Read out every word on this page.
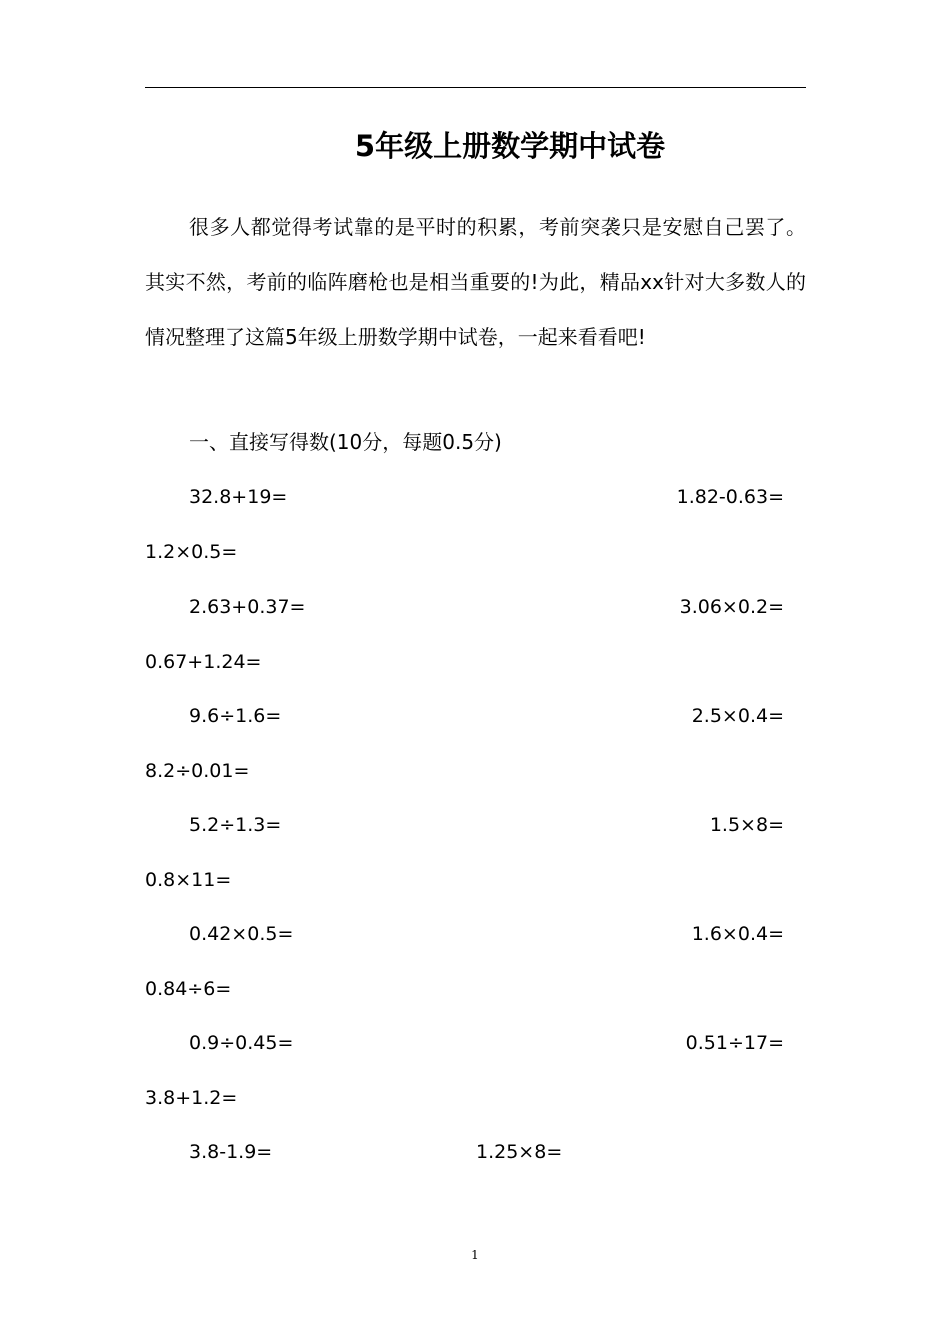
5年级上册数学期中试卷
很多人都觉得考试靠的是平时的积累，考前突袭只是安慰自己罢了。其实不然，考前的临阵磨枪也是相当重要的!为此，精品xx针对大多数人的情况整理了这篇5年级上册数学期中试卷，一起来看看吧!
一、直接写得数(10分，每题0.5分)
32.8+19=	1.82-0.63=
1.2×0.5=
2.63+0.37=	3.06×0.2=
0.67+1.24=
9.6÷1.6=	2.5×0.4=
8.2÷0.01=
5.2÷1.3=	1.5×8=
0.8×11=
0.42×0.5=	1.6×0.4=
0.84÷6=
0.9÷0.45=	0.51÷17=
3.8+1.2=
3.8-1.9=	1.25×8=
1
